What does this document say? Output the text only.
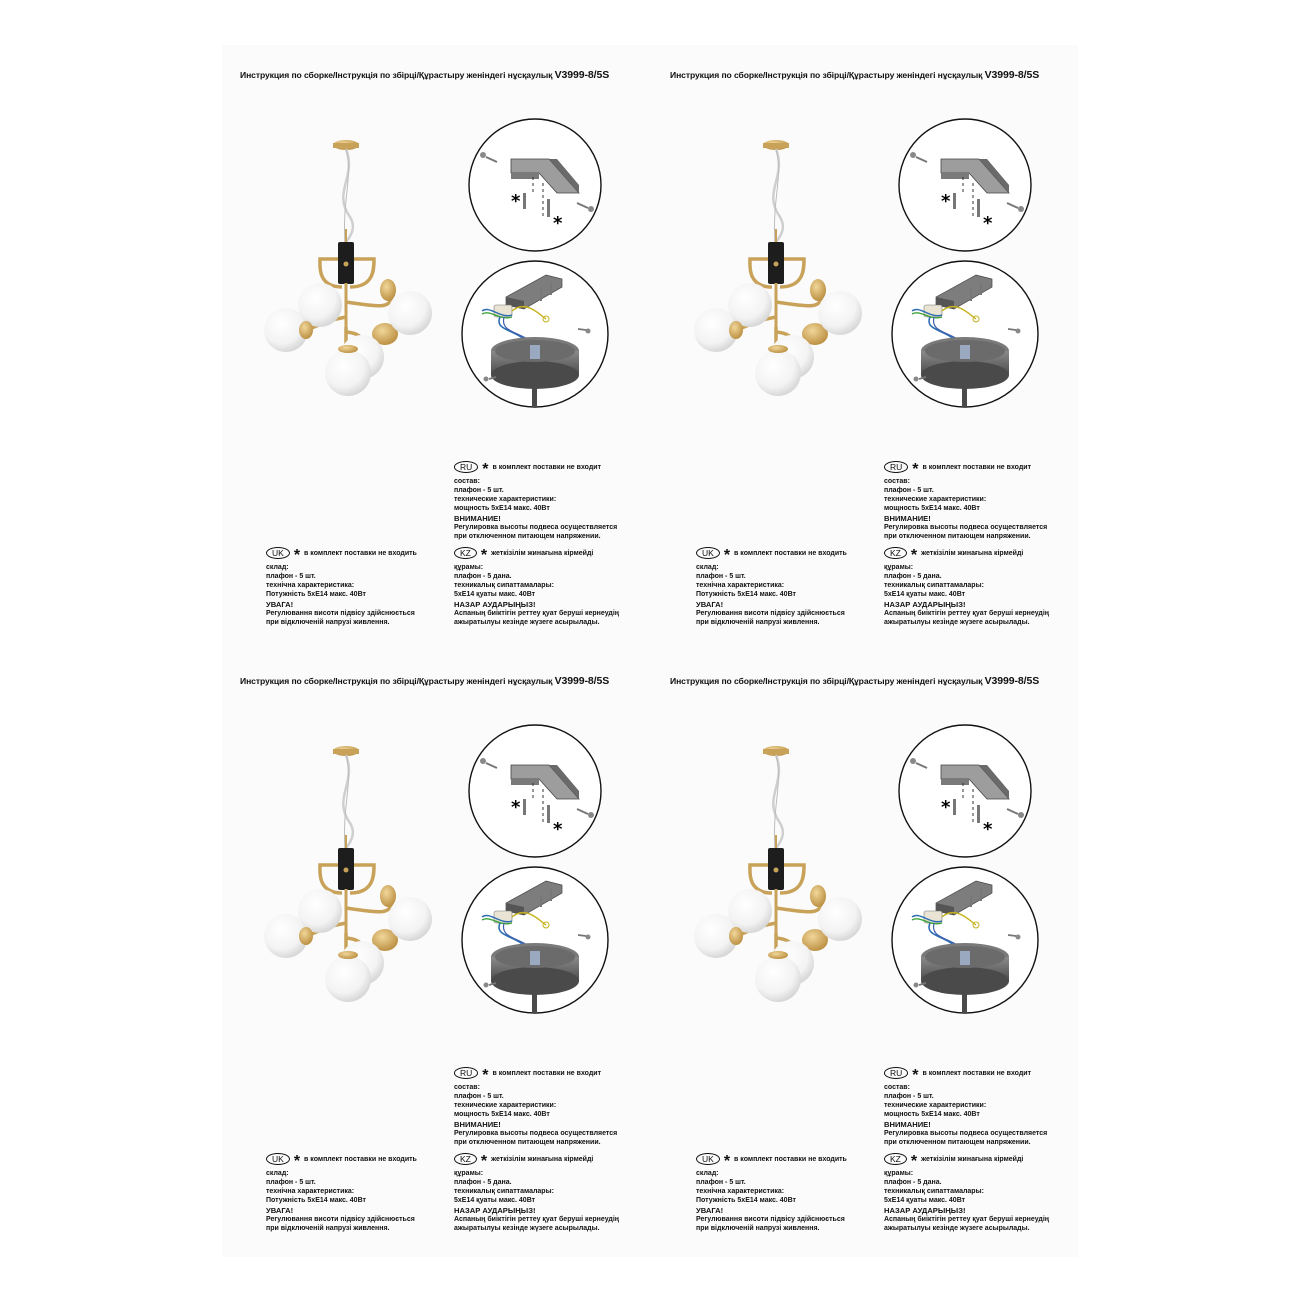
Инструкция по сборке/Інструкція по збірці/Құрастыру женіндегі нұсқаулық V3999-8/5S
*
*
RU * в комплект поставки не входит
состав:
плафон - 5 шт.
технические характеристики:
мощность 5хЕ14 макс. 40Вт
ВНИМАНИЕ!
Регулировка высоты подвеса осуществляется
при отключенном питающем напряжении.
UK * в комплект поставки не входить
склад:
плафон - 5 шт.
технічна характеристика:
Потужність 5хЕ14 макс. 40Вт
УВАГА!
Регулювання висоти підвісу здійснюється
при відключеній напрузі живлення.
KZ * жеткізілім жинағына кірмейді
құрамы:
плафон - 5 дана.
техникалық сипаттамалары:
5хЕ14 қуаты макс. 40Вт
НАЗАР АУДАРЫҢЫЗ!
Аспаның биіктігін реттеу қуат беруші кернеудің
ажыратылуы кезінде жүзеге асырылады.
Инструкция по сборке/Інструкція по збірці/Құрастыру женіндегі нұсқаулық V3999-8/5S
*
*
RU * в комплект поставки не входит
состав:
плафон - 5 шт.
технические характеристики:
мощность 5хЕ14 макс. 40Вт
ВНИМАНИЕ!
Регулировка высоты подвеса осуществляется
при отключенном питающем напряжении.
UK * в комплект поставки не входить
склад:
плафон - 5 шт.
технічна характеристика:
Потужність 5хЕ14 макс. 40Вт
УВАГА!
Регулювання висоти підвісу здійснюється
при відключеній напрузі живлення.
KZ * жеткізілім жинағына кірмейді
құрамы:
плафон - 5 дана.
техникалық сипаттамалары:
5хЕ14 қуаты макс. 40Вт
НАЗАР АУДАРЫҢЫЗ!
Аспаның биіктігін реттеу қуат беруші кернеудің
ажыратылуы кезінде жүзеге асырылады.
Инструкция по сборке/Інструкція по збірці/Құрастыру женіндегі нұсқаулық V3999-8/5S
*
*
RU * в комплект поставки не входит
состав:
плафон - 5 шт.
технические характеристики:
мощность 5хЕ14 макс. 40Вт
ВНИМАНИЕ!
Регулировка высоты подвеса осуществляется
при отключенном питающем напряжении.
UK * в комплект поставки не входить
склад:
плафон - 5 шт.
технічна характеристика:
Потужність 5хЕ14 макс. 40Вт
УВАГА!
Регулювання висоти підвісу здійснюється
при відключеній напрузі живлення.
KZ * жеткізілім жинағына кірмейді
құрамы:
плафон - 5 дана.
техникалық сипаттамалары:
5хЕ14 қуаты макс. 40Вт
НАЗАР АУДАРЫҢЫЗ!
Аспаның биіктігін реттеу қуат беруші кернеудің
ажыратылуы кезінде жүзеге асырылады.
Инструкция по сборке/Інструкція по збірці/Құрастыру женіндегі нұсқаулық V3999-8/5S
*
*
RU * в комплект поставки не входит
состав:
плафон - 5 шт.
технические характеристики:
мощность 5хЕ14 макс. 40Вт
ВНИМАНИЕ!
Регулировка высоты подвеса осуществляется
при отключенном питающем напряжении.
UK * в комплект поставки не входить
склад:
плафон - 5 шт.
технічна характеристика:
Потужність 5хЕ14 макс. 40Вт
УВАГА!
Регулювання висоти підвісу здійснюється
при відключеній напрузі живлення.
KZ * жеткізілім жинағына кірмейді
құрамы:
плафон - 5 дана.
техникалық сипаттамалары:
5хЕ14 қуаты макс. 40Вт
НАЗАР АУДАРЫҢЫЗ!
Аспаның биіктігін реттеу қуат беруші кернеудің
ажыратылуы кезінде жүзеге асырылады.
